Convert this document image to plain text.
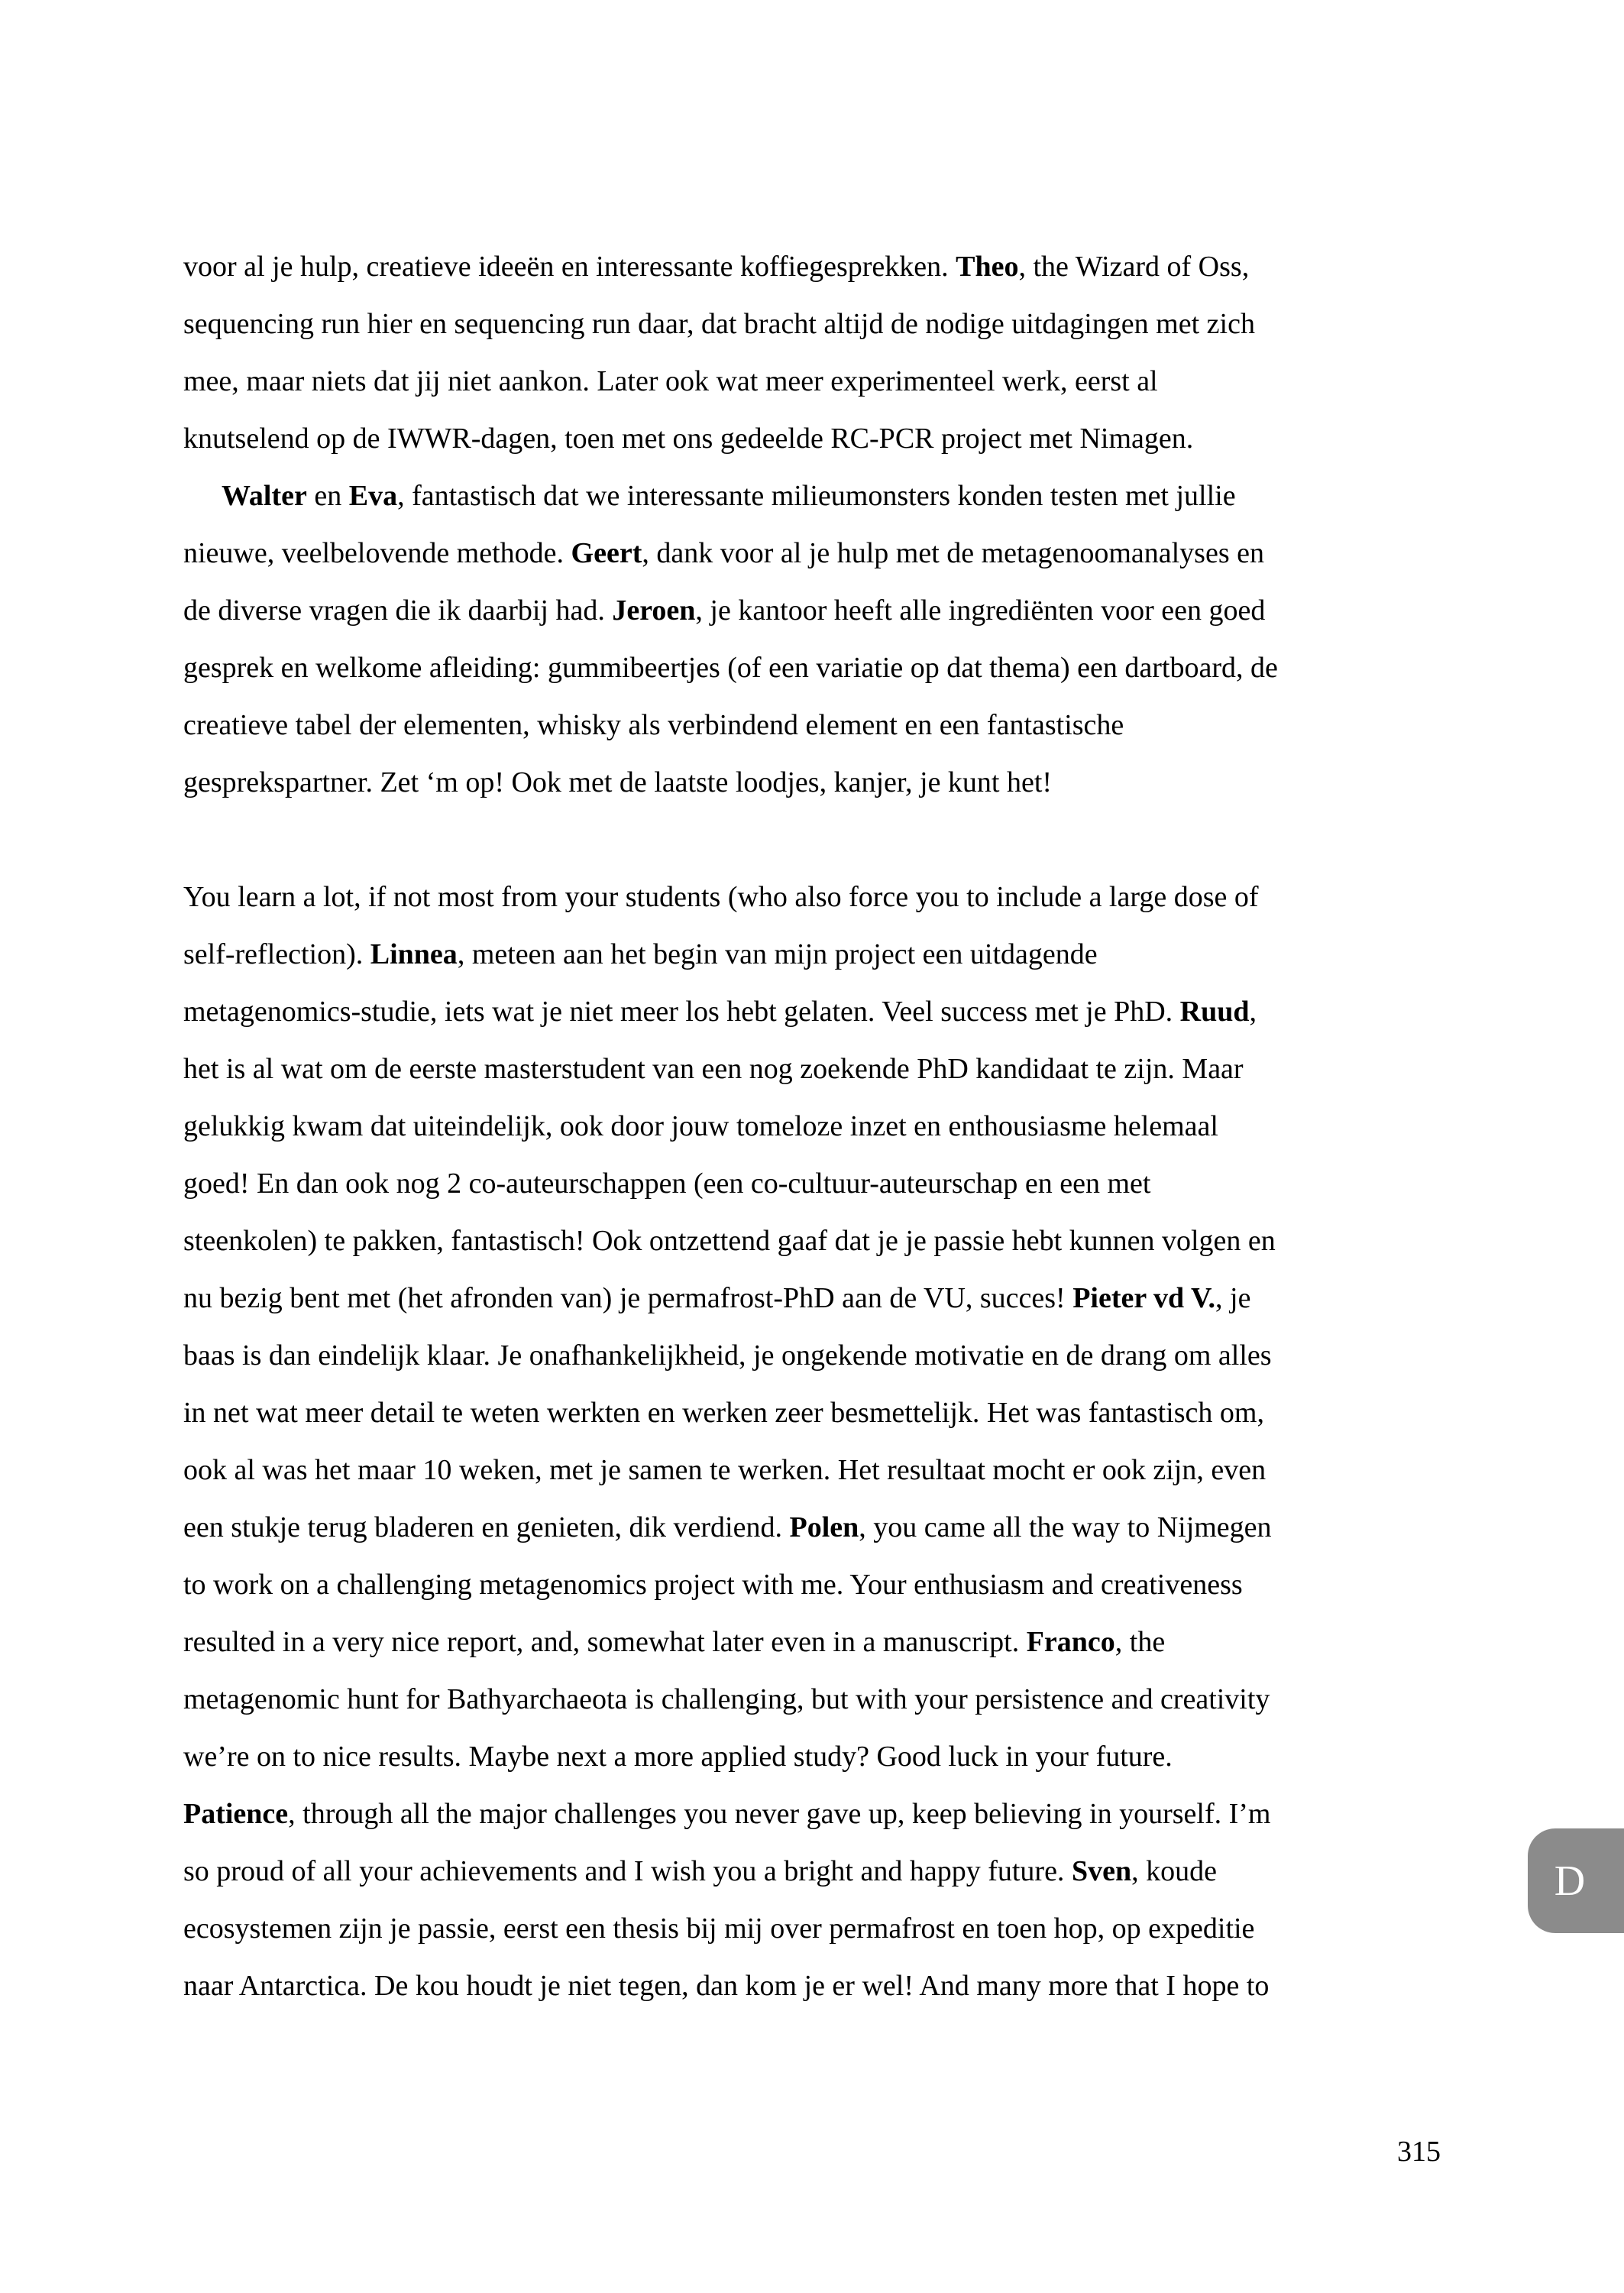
voor al je hulp, creatieve ideeën en interessante koffiegesprekken. Theo, the Wizard of Oss,
sequencing run hier en sequencing run daar, dat bracht altijd de nodige uitdagingen met zich
mee, maar niets dat jij niet aankon. Later ook wat meer experimenteel werk, eerst al
knutselend op de IWWR-dagen, toen met ons gedeelde RC-PCR project met Nimagen.
Walter en Eva, fantastisch dat we interessante milieumonsters konden testen met jullie
nieuwe, veelbelovende methode. Geert, dank voor al je hulp met de metagenoomanalyses en
de diverse vragen die ik daarbij had. Jeroen, je kantoor heeft alle ingrediënten voor een goed
gesprek en welkome afleiding: gummibeertjes (of een variatie op dat thema) een dartboard, de
creatieve tabel der elementen, whisky als verbindend element en een fantastische
gesprekspartner. Zet ‘m op! Ook met de laatste loodjes, kanjer, je kunt het!
You learn a lot, if not most from your students (who also force you to include a large dose of
self-reflection). Linnea, meteen aan het begin van mijn project een uitdagende
metagenomics-studie, iets wat je niet meer los hebt gelaten. Veel success met je PhD. Ruud,
het is al wat om de eerste masterstudent van een nog zoekende PhD kandidaat te zijn. Maar
gelukkig kwam dat uiteindelijk, ook door jouw tomeloze inzet en enthousiasme helemaal
goed! En dan ook nog 2 co-auteurschappen (een co-cultuur-auteurschap en een met
steenkolen) te pakken, fantastisch! Ook ontzettend gaaf dat je je passie hebt kunnen volgen en
nu bezig bent met (het afronden van) je permafrost-PhD aan de VU, succes! Pieter vd V., je
baas is dan eindelijk klaar. Je onafhankelijkheid, je ongekende motivatie en de drang om alles
in net wat meer detail te weten werkten en werken zeer besmettelijk. Het was fantastisch om,
ook al was het maar 10 weken, met je samen te werken. Het resultaat mocht er ook zijn, even
een stukje terug bladeren en genieten, dik verdiend. Polen, you came all the way to Nijmegen
to work on a challenging metagenomics project with me. Your enthusiasm and creativeness
resulted in a very nice report, and, somewhat later even in a manuscript. Franco, the
metagenomic hunt for Bathyarchaeota is challenging, but with your persistence and creativity
we’re on to nice results. Maybe next a more applied study? Good luck in your future.
Patience, through all the major challenges you never gave up, keep believing in yourself. I’m
so proud of all your achievements and I wish you a bright and happy future. Sven, koude
ecosystemen zijn je passie, eerst een thesis bij mij over permafrost en toen hop, op expeditie
naar Antarctica. De kou houdt je niet tegen, dan kom je er wel! And many more that I hope to
D
315
